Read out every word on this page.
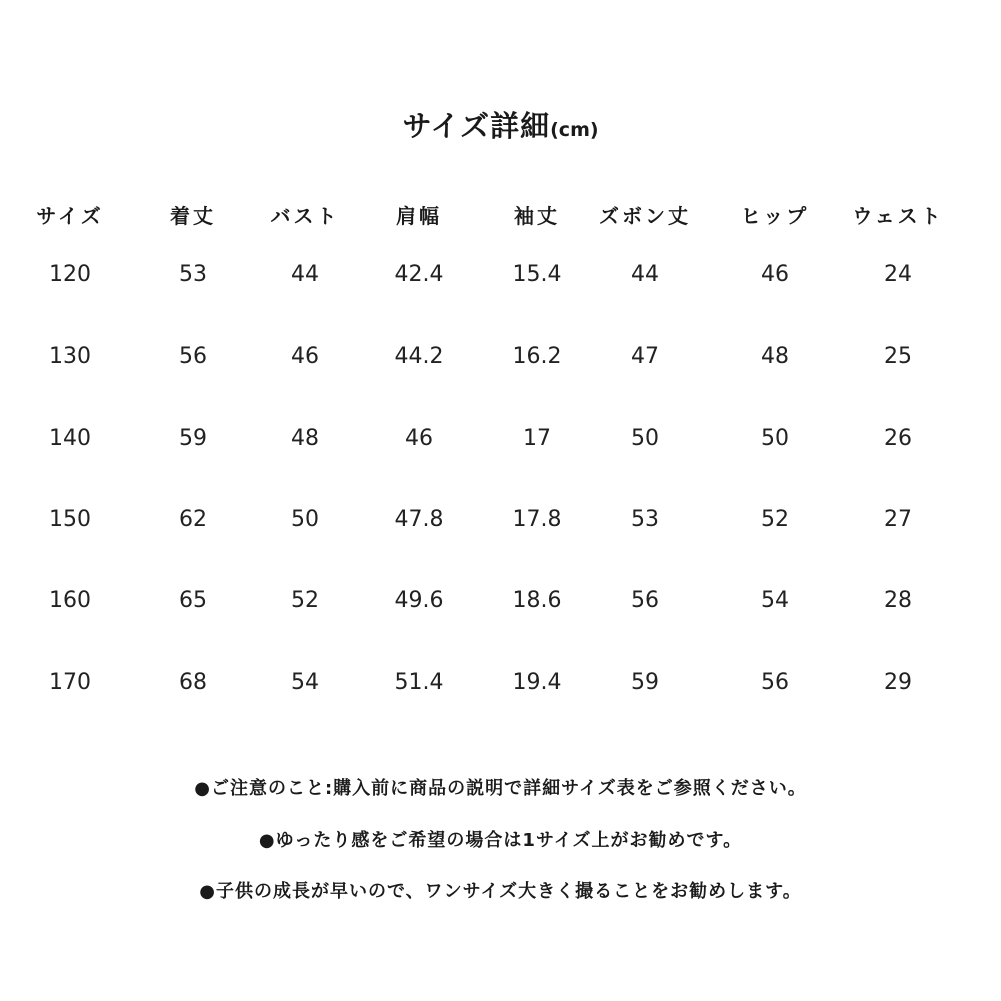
サイズ詳細(cm)
サイズ	着丈	バスト	肩幅	袖丈	ズボン丈	ヒップ	ウェスト
120	53	44	42.4	15.4	44	46	24
130	56	46	44.2	16.2	47	48	25
140	59	48	46	17	50	50	26
150	62	50	47.8	17.8	53	52	27
160	65	52	49.6	18.6	56	54	28
170	68	54	51.4	19.4	59	56	29
●ご注意のこと:購入前に商品の説明で詳細サイズ表をご参照ください。
●ゆったり感をご希望の場合は1サイズ上がお勧めです。
●子供の成長が早いので、ワンサイズ大きく撮ることをお勧めします。
